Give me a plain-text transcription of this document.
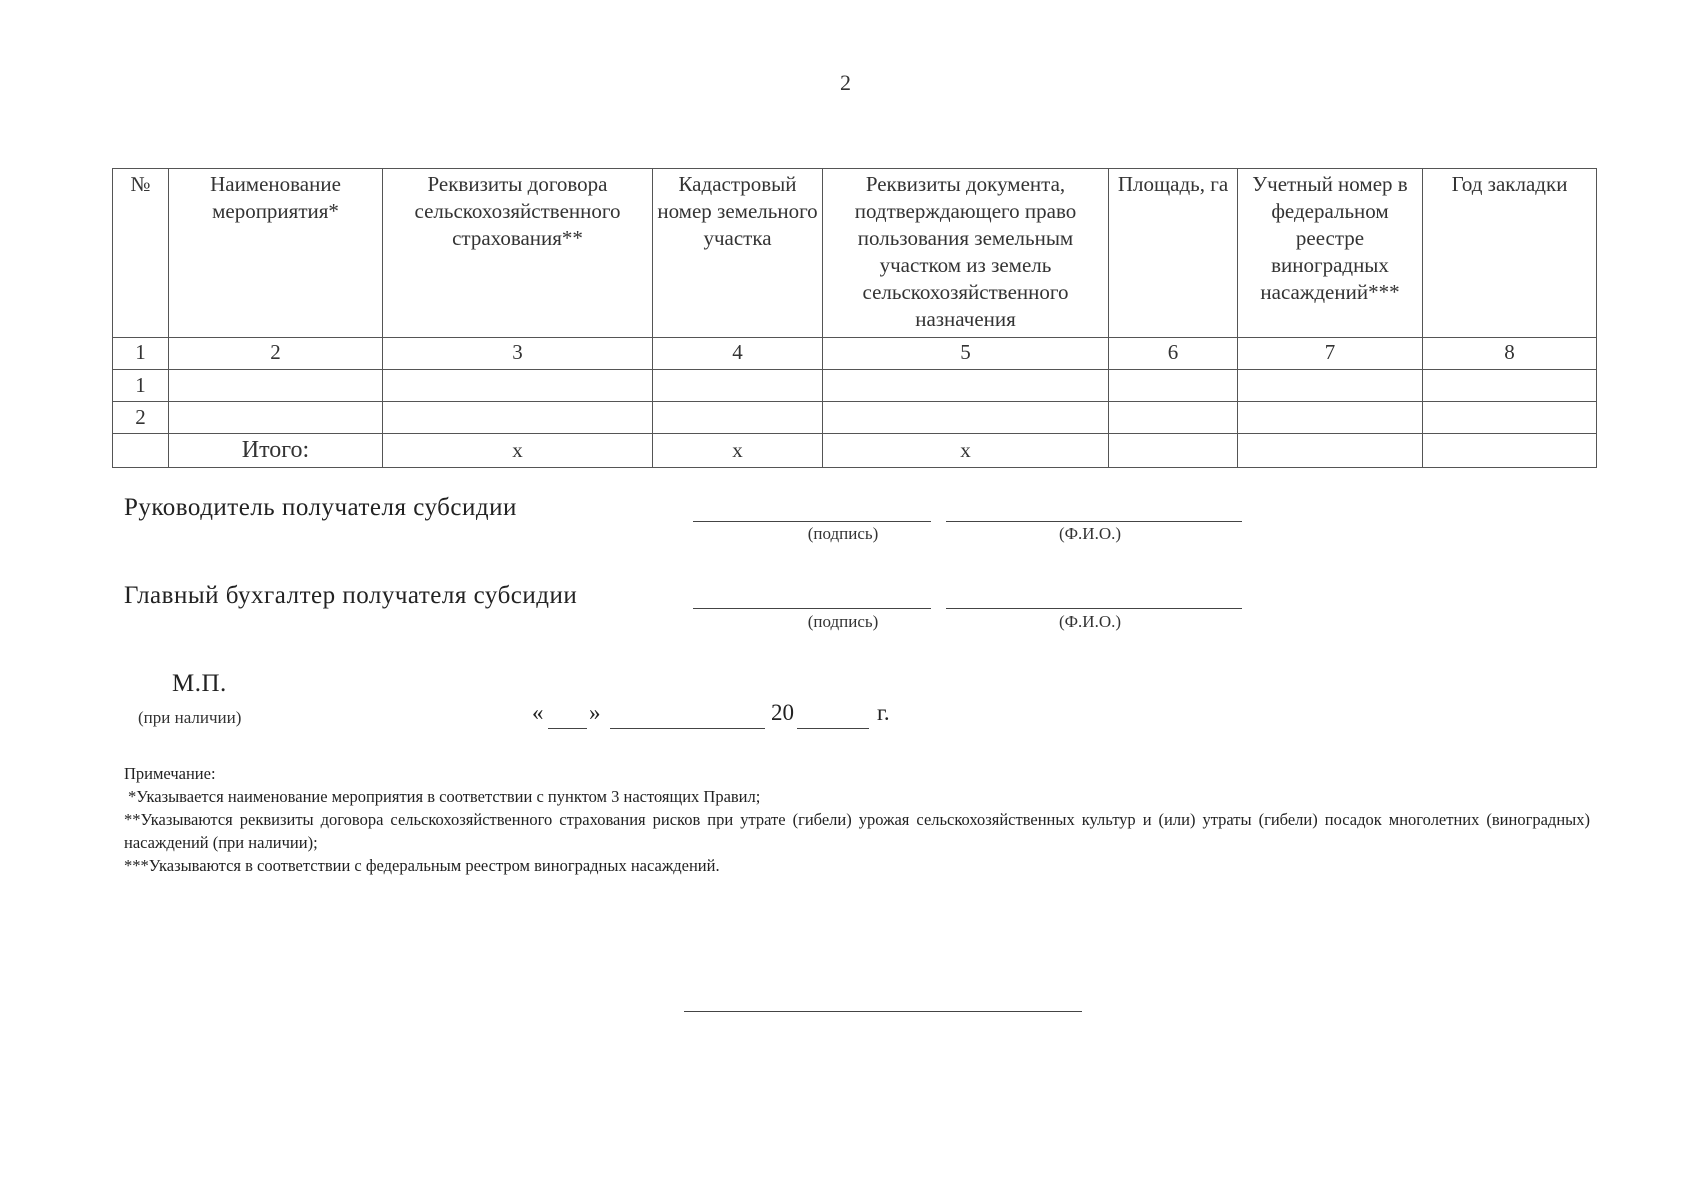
2
№	Наименование мероприятия*	Реквизиты договора сельскохозяйственного страхования**	Кадастровый номер земельного участка	Реквизиты документа, подтверждающего право пользования земельным участком из земель сельскохозяйственного назначения	Площадь, га	Учетный номер в федеральном реестре виноградных насаждений***	Год закладки
1	2	3	4	5	6	7	8
1							
2							
	Итого:	x	x	x			
Руководитель получателя субсидии
(подпись)	(Ф.И.О.)
Главный бухгалтер получателя субсидии
(подпись)	(Ф.И.О.)
М.П.
(при наличии)	« »	20	г.
Примечание:
*Указывается наименование мероприятия в соответствии с пунктом 3 настоящих Правил;
**Указываются реквизиты договора сельскохозяйственного страхования рисков при утрате (гибели) урожая сельскохозяйственных культур и (или) утраты (гибели) посадок многолетних (виноградных) насаждений (при наличии);
***Указываются в соответствии с федеральным реестром виноградных насаждений.
